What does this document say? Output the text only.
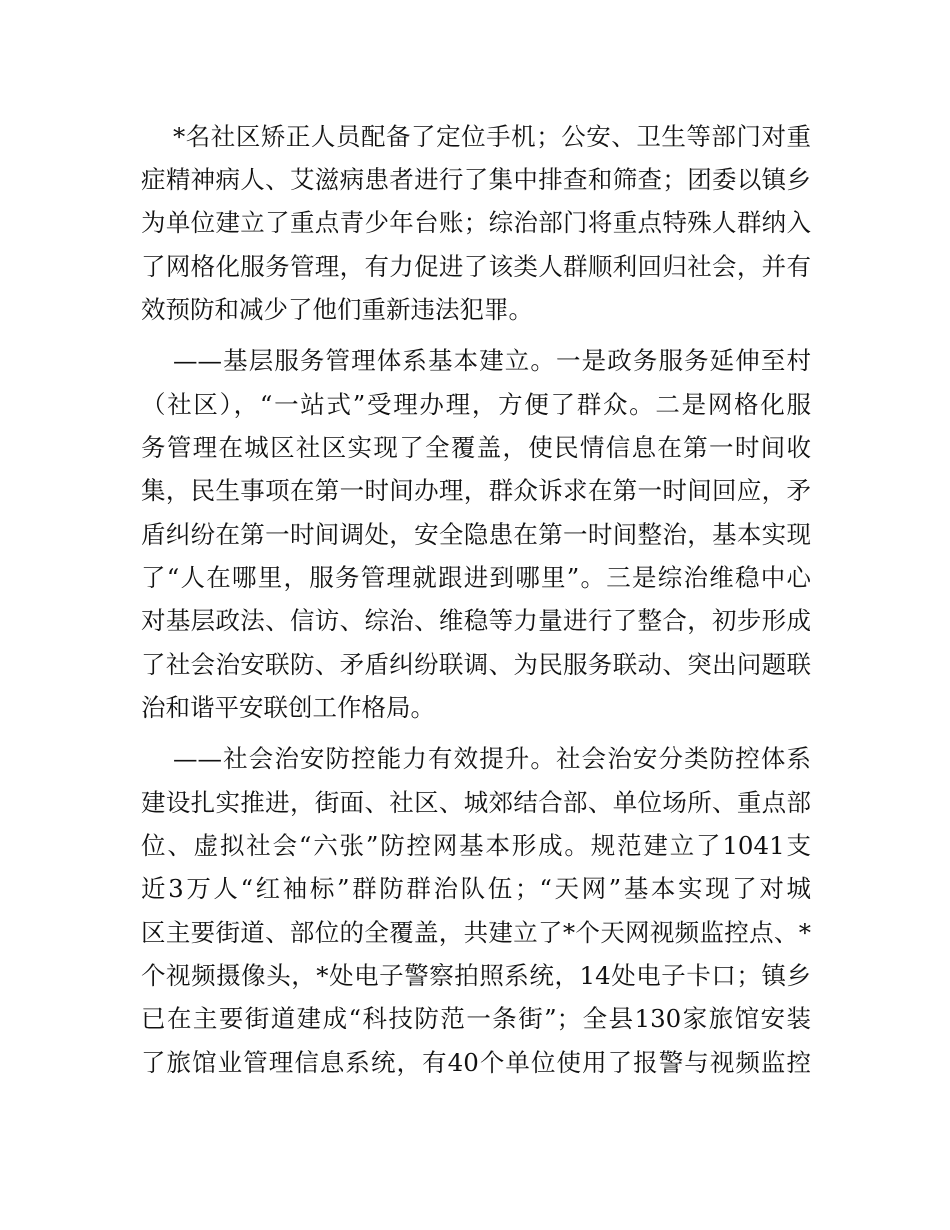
*名社区矫正人员配备了定位手机；公安、卫生等部门对重
症精神病人、艾滋病患者进行了集中排查和筛查；团委以镇乡
为单位建立了重点青少年台账；综治部门将重点特殊人群纳入
了网格化服务管理，有力促进了该类人群顺利回归社会，并有
效预防和减少了他们重新违法犯罪。
——基层服务管理体系基本建立。一是政务服务延伸至村
（社区），“一站式”受理办理，方便了群众。二是网格化服
务管理在城区社区实现了全覆盖，使民情信息在第一时间收
集，民生事项在第一时间办理，群众诉求在第一时间回应，矛
盾纠纷在第一时间调处，安全隐患在第一时间整治，基本实现
了“人在哪里，服务管理就跟进到哪里”。三是综治维稳中心
对基层政法、信访、综治、维稳等力量进行了整合，初步形成
了社会治安联防、矛盾纠纷联调、为民服务联动、突出问题联
治和谐平安联创工作格局。
——社会治安防控能力有效提升。社会治安分类防控体系
建设扎实推进，街面、社区、城郊结合部、单位场所、重点部
位、虚拟社会“六张”防控网基本形成。规范建立了1041支
近3万人“红袖标”群防群治队伍；“天网”基本实现了对城
区主要街道、部位的全覆盖，共建立了*个天网视频监控点、*
个视频摄像头，*处电子警察拍照系统，14处电子卡口；镇乡
已在主要街道建成“科技防范一条街”；全县130家旅馆安装
了旅馆业管理信息系统，有40个单位使用了报警与视频监控
